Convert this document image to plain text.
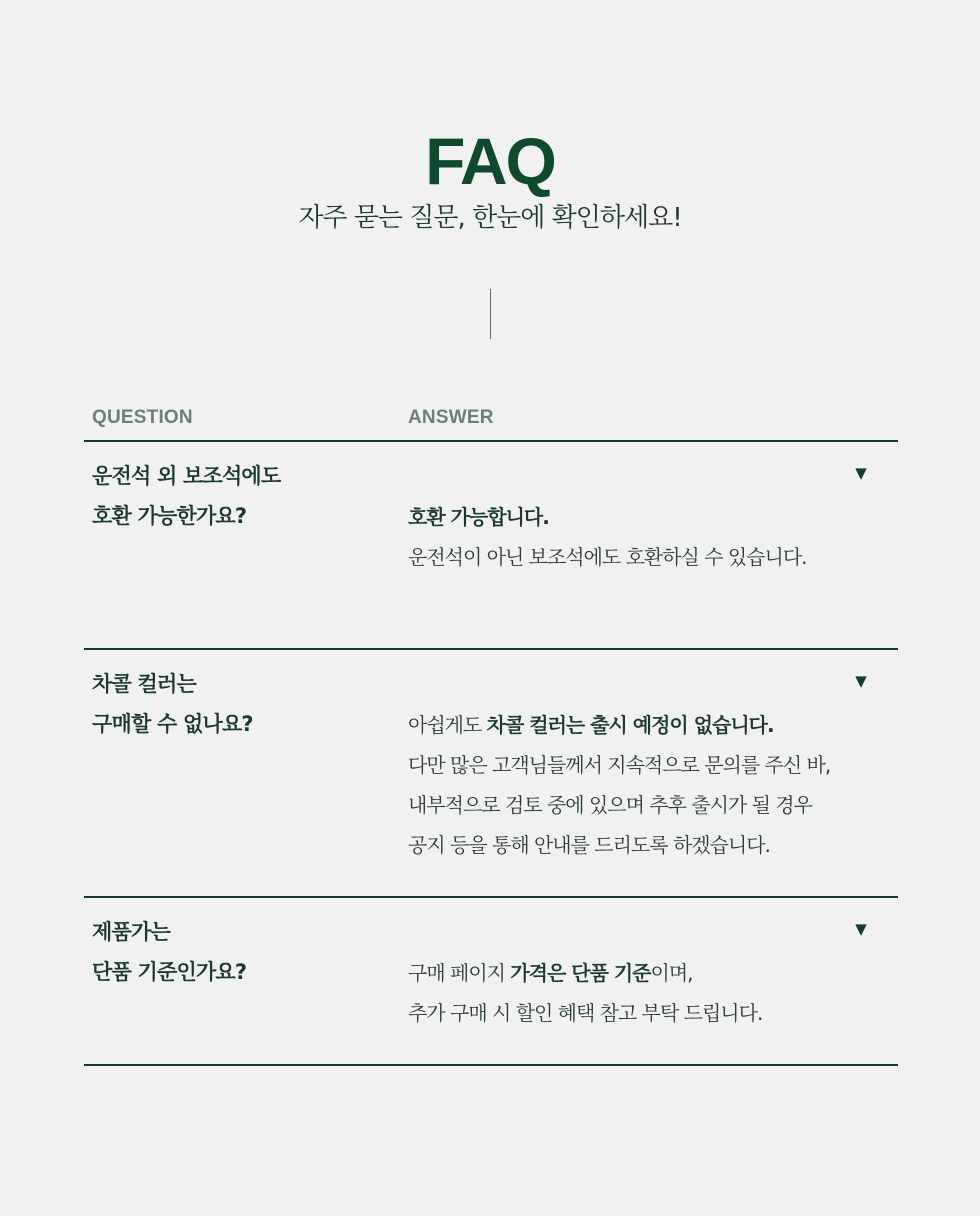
FAQ
자주 묻는 질문, 한눈에 확인하세요!
QUESTION	ANSWER
운전석 외 보조석에도
호환 가능한가요?
▼
호환 가능합니다.
운전석이 아닌 보조석에도 호환하실 수 있습니다.
차콜 컬러는
구매할 수 없나요?
▼
아쉽게도 차콜 컬러는 출시 예정이 없습니다.
다만 많은 고객님들께서 지속적으로 문의를 주신 바,
내부적으로 검토 중에 있으며 추후 출시가 될 경우
공지 등을 통해 안내를 드리도록 하겠습니다.
제품가는
단품 기준인가요?
▼
구매 페이지 가격은 단품 기준이며,
추가 구매 시 할인 혜택 참고 부탁 드립니다.
